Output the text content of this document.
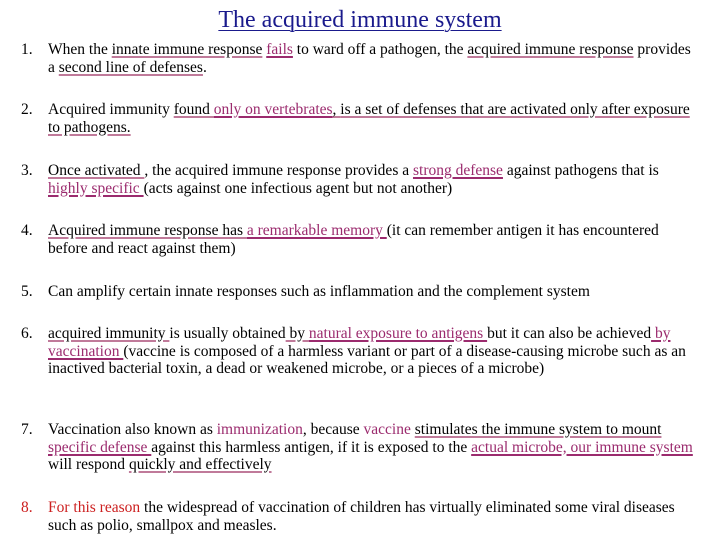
The acquired immune system
1. When the innate immune response fails to ward off a pathogen, the acquired immune response provides a second line of defenses.
2. Acquired immunity found only on vertebrates, is a set of defenses that are activated only after exposure to pathogens.
3. Once activated , the acquired immune response provides a strong defense against pathogens that is highly specific (acts against one infectious agent but not another)
4. Acquired immune response has a remarkable memory (it can remember antigen it has encountered before and react against them)
5. Can amplify certain innate responses such as inflammation and the complement system
6. acquired immunity is usually obtained by natural exposure to antigens but it can also be achieved by vaccination (vaccine is composed of a harmless variant or part of a disease-causing microbe such as an inactived bacterial toxin, a dead or weakened microbe, or a pieces of a microbe)
7. Vaccination also known as immunization, because vaccine stimulates the immune system to mount specific defense against this harmless antigen, if it is exposed to the actual microbe, our immune system will respond quickly and effectively
8. For this reason the widespread of vaccination of children has virtually eliminated some viral diseases such as polio, smallpox and measles.
